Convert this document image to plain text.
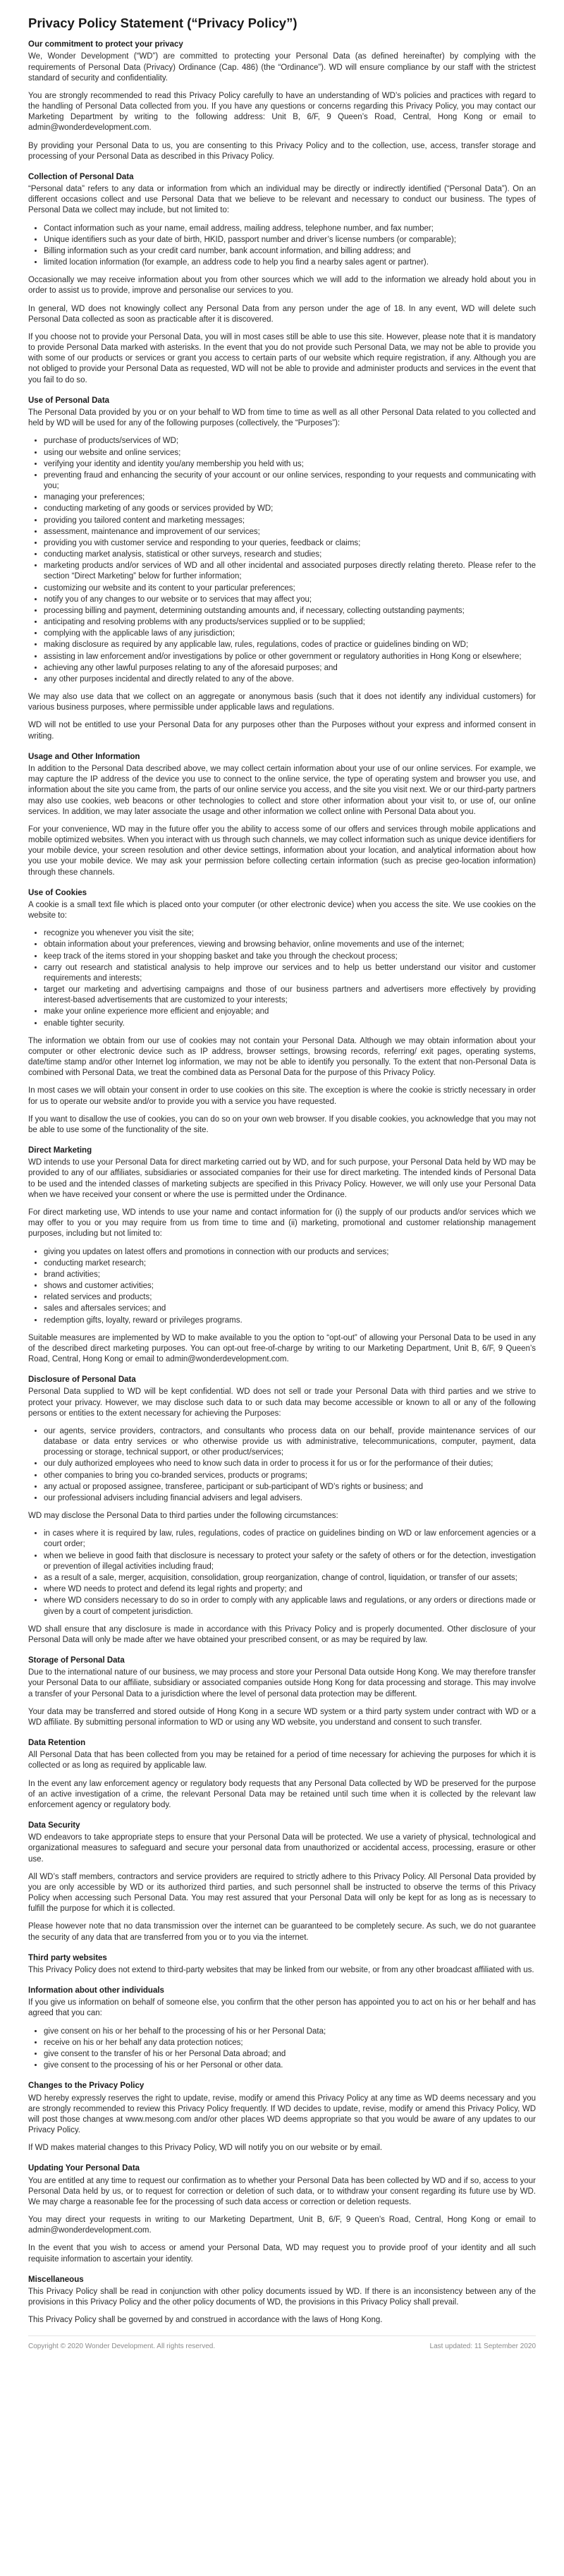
Privacy Policy Statement (“Privacy Policy”)
Our commitment to protect your privacy

We, Wonder Development (“WD”) are committed to protecting your Personal Data (as defined hereinafter) by complying with the requirements of Personal Data (Privacy) Ordinance (Cap. 486) (the “Ordinance”). WD will ensure compliance by our staff with the strictest standard of security and confidentiality.

You are strongly recommended to read this Privacy Policy carefully to have an understanding of WD’s policies and practices with regard to the handling of Personal Data collected from you. If you have any questions or concerns regarding this Privacy Policy, you may contact our Marketing Department by writing to the following address: Unit B, 6/F, 9 Queen’s Road, Central, Hong Kong or email to admin@wonderdevelopment.com.

By providing your Personal Data to us, you are consenting to this Privacy Policy and to the collection, use, access, transfer storage and processing of your Personal Data as described in this Privacy Policy.

Collection of Personal Data

“Personal data” refers to any data or information from which an individual may be directly or indirectly identified (“Personal Data”). On an different occasions collect and use Personal Data that we believe to be relevant and necessary to conduct our business. The types of Personal Data we collect may include, but not limited to:

• Contact information such as your name, email address, mailing address, telephone number, and fax number;
• Unique identifiers such as your date of birth, HKID, passport number and driver’s license numbers (or comparable);
• Billing information such as your credit card number, bank account information, and billing address; and
• limited location information (for example, an address code to help you find a nearby sales agent or partner).

Occasionally we may receive information about you from other sources which we will add to the information we already hold about you in order to assist us to provide, improve and personalise our services to you.

In general, WD does not knowingly collect any Personal Data from any person under the age of 18. In any event, WD will delete such Personal Data collected as soon as practicable after it is discovered.

If you choose not to provide your Personal Data, you will in most cases still be able to use this site. However, please note that it is mandatory to provide Personal Data marked with asterisks. In the event that you do not provide such Personal Data, we may not be able to provide you with some of our products or services or grant you access to certain parts of our website which require registration, if any. Although you are not obliged to provide your Personal Data as requested, WD will not be able to provide and administer products and services in the event that you fail to do so.

Use of Personal Data

The Personal Data provided by you or on your behalf to WD from time to time as well as all other Personal Data related to you collected and held by WD will be used for any of the following purposes (collectively, the “Purposes”):

• purchase of products/services of WD;
• using our website and online services;
• verifying your identity and identity you/any membership you held with us;
• preventing fraud and enhancing the security of your account or our online services, responding to your requests and communicating with you;
• managing your preferences;
• conducting marketing of any goods or services provided by WD;
• providing you tailored content and marketing messages;
• assessment, maintenance and improvement of our services;
• providing you with customer service and responding to your queries, feedback or claims;
• conducting market analysis, statistical or other surveys, research and studies;
• marketing products and/or services of WD and all other incidental and associated purposes directly relating thereto. Please refer to the section “Direct Marketing” below for further information;
• customizing our website and its content to your particular preferences;
• notify you of any changes to our website or to services that may affect you;
• processing billing and payment, determining outstanding amounts and, if necessary, collecting outstanding payments;
• anticipating and resolving problems with any products/services supplied or to be supplied;
• complying with the applicable laws of any jurisdiction;
• making disclosure as required by any applicable law, rules, regulations, codes of practice or guidelines binding on WD;
• assisting in law enforcement and/or investigations by police or other government or regulatory authorities in Hong Kong or elsewhere;
• achieving any other lawful purposes relating to any of the aforesaid purposes; and
• any other purposes incidental and directly related to any of the above.

We may also use data that we collect on an aggregate or anonymous basis (such that it does not identify any individual customers) for various business purposes, where permissible under applicable laws and regulations.

WD will not be entitled to use your Personal Data for any purposes other than the Purposes without your express and informed consent in writing.

Usage and Other Information

In addition to the Personal Data described above, we may collect certain information about your use of our online services. For example, we may capture the IP address of the device you use to connect to the online service, the type of operating system and browser you use, and information about the site you came from, the parts of our online service you access, and the site you visit next. We or our third-party partners may also use cookies, web beacons or other technologies to collect and store other information about your visit to, or use of, our online services. In addition, we may later associate the usage and other information we collect online with Personal Data about you.

For your convenience, WD may in the future offer you the ability to access some of our offers and services through mobile applications and mobile optimized websites. When you interact with us through such channels, we may collect information such as unique device identifiers for your mobile device, your screen resolution and other device settings, information about your location, and analytical information about how you use your mobile device. We may ask your permission before collecting certain information (such as precise geo-location information) through these channels.

Use of Cookies

A cookie is a small text file which is placed onto your computer (or other electronic device) when you access the site. We use cookies on the website to:

• recognize you whenever you visit the site;
• obtain information about your preferences, viewing and browsing behavior, online movements and use of the internet;
• keep track of the items stored in your shopping basket and take you through the checkout process;
• carry out research and statistical analysis to help improve our services and to help us better understand our visitor and customer requirements and interests;
• target our marketing and advertising campaigns and those of our business partners and advertisers more effectively by providing interest-based advertisements that are customized to your interests;
• make your online experience more efficient and enjoyable; and
• enable tighter security.

The information we obtain from our use of cookies may not contain your Personal Data. Although we may obtain information about your computer or other electronic device such as IP address, browser settings, browsing records, referring/ exit pages, operating systems, date/time stamp and/or other Internet log information, we may not be able to identify you personally. To the extent that non-Personal Data is combined with Personal Data, we treat the combined data as Personal Data for the purpose of this Privacy Policy.

In most cases we will obtain your consent in order to use cookies on this site. The exception is where the cookie is strictly necessary in order for us to operate our website and/or to provide you with a service you have requested.

If you want to disallow the use of cookies, you can do so on your own web browser. If you disable cookies, you acknowledge that you may not be able to use some of the functionality of the site.

Direct Marketing

WD intends to use your Personal Data for direct marketing carried out by WD, and for such purpose, your Personal Data held by WD may be provided to any of our affiliates, subsidiaries or associated companies for their use for direct marketing. The intended kinds of Personal Data to be used and the intended classes of marketing subjects are specified in this Privacy Policy. However, we will only use your Personal Data when we have received your consent or where the use is permitted under the Ordinance.

For direct marketing use, WD intends to use your name and contact information for (i) the supply of our products and/or services which we may offer to you or you may require from us from time to time and (ii) marketing, promotional and customer relationship management purposes, including but not limited to:

• giving you updates on latest offers and promotions in connection with our products and services;
• conducting market research;
• brand activities;
• shows and customer activities;
• related services and products;
• sales and aftersales services; and
• redemption gifts, loyalty, reward or privileges programs.

Suitable measures are implemented by WD to make available to you the option to “opt-out” of allowing your Personal Data to be used in any of the described direct marketing purposes. You can opt-out free-of-charge by writing to our Marketing Department, Unit B, 6/F, 9 Queen’s Road, Central, Hong Kong or email to admin@wonderdevelopment.com.

Disclosure of Personal Data

Personal Data supplied to WD will be kept confidential. WD does not sell or trade your Personal Data with third parties and we strive to protect your privacy. However, we may disclose such data to or such data may become accessible or known to all or any of the following persons or entities to the extent necessary for achieving the Purposes:

• our agents, service providers, contractors, and consultants who process data on our behalf, provide maintenance services of our database or data entry services or who otherwise provide us with administrative, telecommunications, computer, payment, data processing or storage, technical support, or other product/services;
• our duly authorized employees who need to know such data in order to process it for us or for the performance of their duties;
• other companies to bring you co-branded services, products or programs;
• any actual or proposed assignee, transferee, participant or sub-participant of WD’s rights or business; and
• our professional advisers including financial advisers and legal advisers.

WD may disclose the Personal Data to third parties under the following circumstances:

• in cases where it is required by law, rules, regulations, codes of practice on guidelines binding on WD or law enforcement agencies or a court order;
• when we believe in good faith that disclosure is necessary to protect your safety or the safety of others or for the detection, investigation or prevention of illegal activities including fraud;
• as a result of a sale, merger, acquisition, consolidation, group reorganization, change of control, liquidation, or transfer of our assets;
• where WD needs to protect and defend its legal rights and property; and
• where WD considers necessary to do so in order to comply with any applicable laws and regulations, or any orders or directions made or given by a court of competent jurisdiction.

WD shall ensure that any disclosure is made in accordance with this Privacy Policy and is properly documented. Other disclosure of your Personal Data will only be made after we have obtained your prescribed consent, or as may be required by law.

Storage of Personal Data

Due to the international nature of our business, we may process and store your Personal Data outside Hong Kong. We may therefore transfer your Personal Data to our affiliate, subsidiary or associated companies outside Hong Kong for data processing and storage. This may involve a transfer of your Personal Data to a jurisdiction where the level of personal data protection may be different.

Your data may be transferred and stored outside of Hong Kong in a secure WD system or a third party system under contract with WD or a WD affiliate. By submitting personal information to WD or using any WD website, you understand and consent to such transfer.

Data Retention

All Personal Data that has been collected from you may be retained for a period of time necessary for achieving the purposes for which it is collected or as long as required by applicable law.

In the event any law enforcement agency or regulatory body requests that any Personal Data collected by WD be preserved for the purpose of an active investigation of a crime, the relevant Personal Data may be retained until such time when it is collected by the relevant law enforcement agency or regulatory body.

Data Security

WD endeavors to take appropriate steps to ensure that your Personal Data will be protected. We use a variety of physical, technological and organizational measures to safeguard and secure your personal data from unauthorized or accidental access, processing, erasure or other use.

All WD’s staff members, contractors and service providers are required to strictly adhere to this Privacy Policy. All Personal Data provided by you are only accessible by WD or its authorized third parties, and such personnel shall be instructed to observe the terms of this Privacy Policy when accessing such Personal Data. You may rest assured that your Personal Data will only be kept for as long as is necessary to fulfill the purpose for which it is collected.

Please however note that no data transmission over the internet can be guaranteed to be completely secure. As such, we do not guarantee the security of any data that are transferred from you or to you via the internet.

Third party websites

This Privacy Policy does not extend to third-party websites that may be linked from our website, or from any other broadcast affiliated with us.

Information about other individuals

If you give us information on behalf of someone else, you confirm that the other person has appointed you to act on his or her behalf and has agreed that you can:

• give consent on his or her behalf to the processing of his or her Personal Data;
• receive on his or her behalf any data protection notices;
• give consent to the transfer of his or her Personal Data abroad; and
• give consent to the processing of his or her Personal or other data.
Changes to the Privacy Policy

WD hereby expressly reserves the right to update, revise, modify or amend this Privacy Policy at any time as WD deems necessary and you are strongly recommended to review this Privacy Policy frequently. If WD decides to update, revise, modify or amend this Privacy Policy, WD will post those changes at www.mesong.com and/or other places WD deems appropriate so that you would be aware of any updates to our Privacy Policy.

If WD makes material changes to this Privacy Policy, WD will notify you on our website or by email.

Updating Your Personal Data

You are entitled at any time to request our confirmation as to whether your Personal Data has been collected by WD and if so, access to your Personal Data held by us, or to request for correction or deletion of such data, or to withdraw your consent regarding its future use by WD. We may charge a reasonable fee for the processing of such data access or correction or deletion requests.

You may direct your requests in writing to our Marketing Department, Unit B, 6/F, 9 Queen’s Road, Central, Hong Kong or email to admin@wonderdevelopment.com.

In the event that you wish to access or amend your Personal Data, WD may request you to provide proof of your identity and all such requisite information to ascertain your identity.

Miscellaneous

This Privacy Policy shall be read in conjunction with other policy documents issued by WD. If there is an inconsistency between any of the provisions in this Privacy Policy and the other policy documents of WD, the provisions in this Privacy Policy shall prevail.

This Privacy Policy shall be governed by and construed in accordance with the laws of Hong Kong.

Copyright © 2020 Wonder Development. All rights reserved.	Last updated: 11 September 2020
